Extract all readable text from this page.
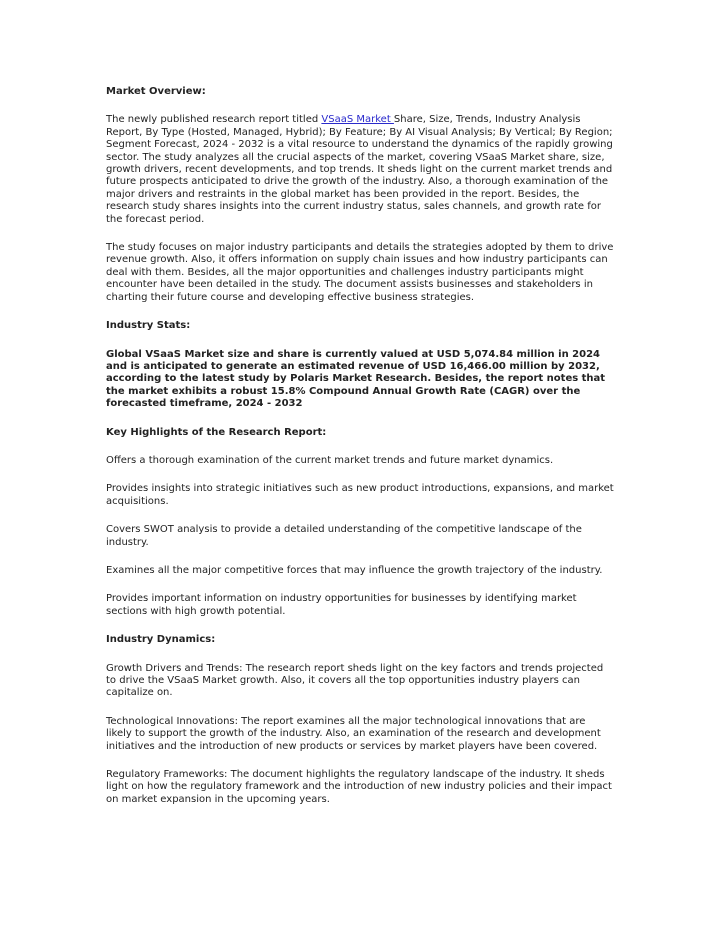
Market Overview:

The newly published research report titled VSaaS Market Share, Size, Trends, Industry Analysis Report, By Type (Hosted, Managed, Hybrid); By Feature; By AI Visual Analysis; By Vertical; By Region; Segment Forecast, 2024 - 2032 is a vital resource to understand the dynamics of the rapidly growing sector. The study analyzes all the crucial aspects of the market, covering VSaaS Market share, size, growth drivers, recent developments, and top trends. It sheds light on the current market trends and future prospects anticipated to drive the growth of the industry. Also, a thorough examination of the major drivers and restraints in the global market has been provided in the report. Besides, the research study shares insights into the current industry status, sales channels, and growth rate for the forecast period.

The study focuses on major industry participants and details the strategies adopted by them to drive revenue growth. Also, it offers information on supply chain issues and how industry participants can deal with them. Besides, all the major opportunities and challenges industry participants might encounter have been detailed in the study. The document assists businesses and stakeholders in charting their future course and developing effective business strategies.

Industry Stats:

Global VSaaS Market size and share is currently valued at USD 5,074.84 million in 2024 and is anticipated to generate an estimated revenue of USD 16,466.00 million by 2032, according to the latest study by Polaris Market Research. Besides, the report notes that the market exhibits a robust 15.8% Compound Annual Growth Rate (CAGR) over the forecasted timeframe, 2024 - 2032

Key Highlights of the Research Report:

Offers a thorough examination of the current market trends and future market dynamics.

Provides insights into strategic initiatives such as new product introductions, expansions, and market acquisitions.

Covers SWOT analysis to provide a detailed understanding of the competitive landscape of the industry.

Examines all the major competitive forces that may influence the growth trajectory of the industry.

Provides important information on industry opportunities for businesses by identifying market sections with high growth potential.

Industry Dynamics:

Growth Drivers and Trends: The research report sheds light on the key factors and trends projected to drive the VSaaS Market growth. Also, it covers all the top opportunities industry players can capitalize on.

Technological Innovations: The report examines all the major technological innovations that are likely to support the growth of the industry. Also, an examination of the research and development initiatives and the introduction of new products or services by market players have been covered.

Regulatory Frameworks: The document highlights the regulatory landscape of the industry. It sheds light on how the regulatory framework and the introduction of new industry policies and their impact on market expansion in the upcoming years.
